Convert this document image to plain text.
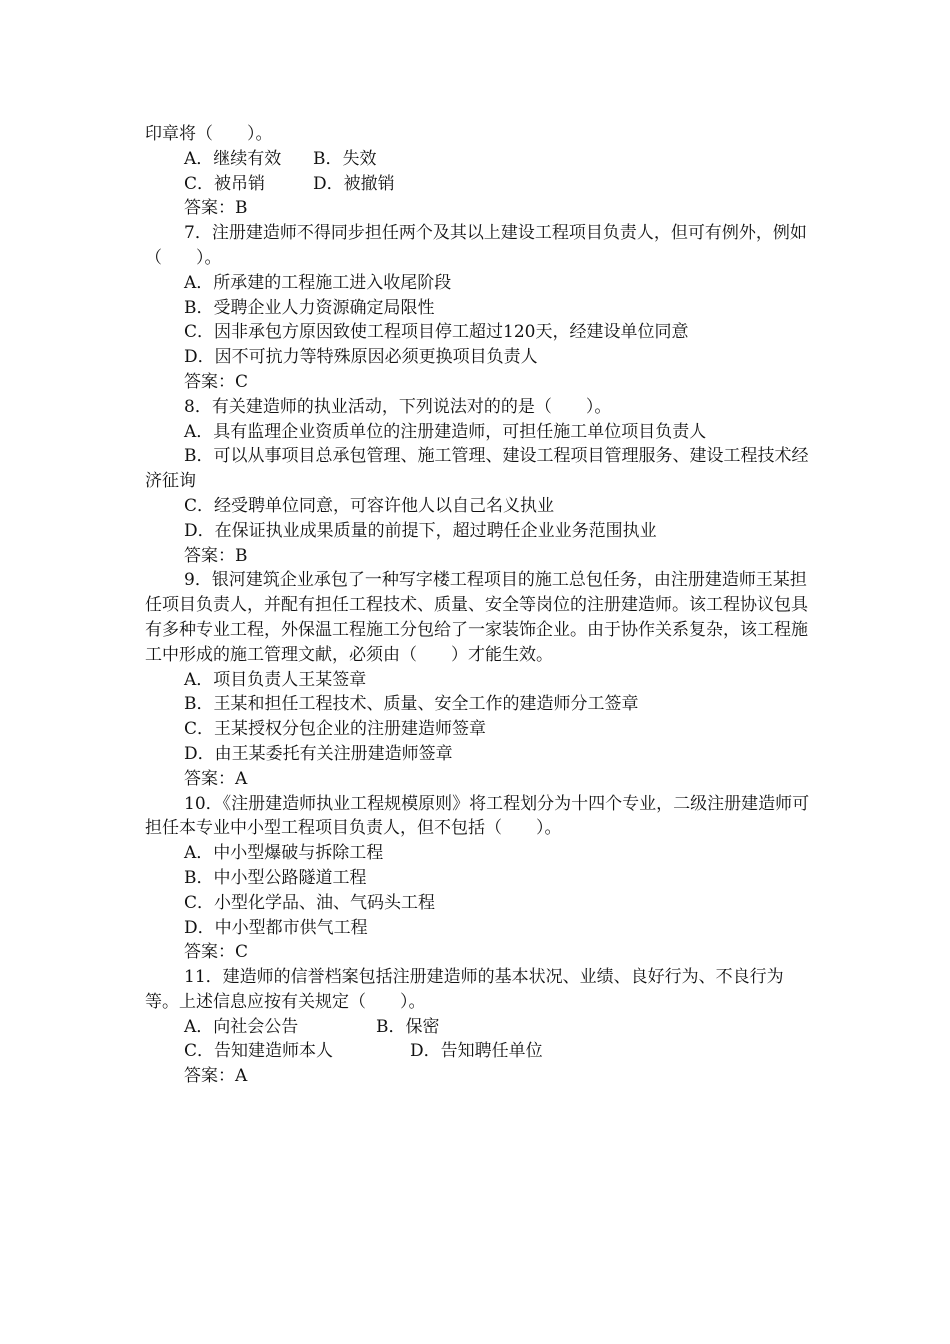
印章将（　　）。

A．继续有效 B．失效

C．被吊销	D．被撤销

答案：B

7．注册建造师不得同步担任两个及其以上建设工程项目负责人，但可有例外，例如（　　）。

A．所承建的工程施工进入收尾阶段

B．受聘企业人力资源确定局限性

C．因非承包方原因致使工程项目停工超过120天，经建设单位同意

D．因不可抗力等特殊原因必须更换项目负责人

答案：C

8．有关建造师的执业活动，下列说法对的的是（　　）。

A．具有监理企业资质单位的注册建造师，可担任施工单位项目负责人

B．可以从事项目总承包管理、施工管理、建设工程项目管理服务、建设工程技术经济征询

C．经受聘单位同意，可容许他人以自己名义执业

D．在保证执业成果质量的前提下，超过聘任企业业务范围执业

答案：B

9．银河建筑企业承包了一种写字楼工程项目的施工总包任务，由注册建造师王某担任项目负责人，并配有担任工程技术、质量、安全等岗位的注册建造师。该工程协议包具有多种专业工程，外保温工程施工分包给了一家装饰企业。由于协作关系复杂，该工程施工中形成的施工管理文献，必须由（　　）才能生效。

A．项目负责人王某签章

B．王某和担任工程技术、质量、安全工作的建造师分工签章

C．王某授权分包企业的注册建造师签章

D．由王某委托有关注册建造师签章

答案：A

10．《注册建造师执业工程规模原则》将工程划分为十四个专业，二级注册建造师可担任本专业中小型工程项目负责人，但不包括（　　）。

A．中小型爆破与拆除工程

B．中小型公路隧道工程

C．小型化学品、油、气码头工程

D．中小型都市供气工程

答案：C

11．建造师的信誉档案包括注册建造师的基本状况、业绩、良好行为、不良行为等。上述信息应按有关规定（　　）。

A．向社会公告	B．保密

C．告知建造师本人	D．告知聘任单位

答案：A
